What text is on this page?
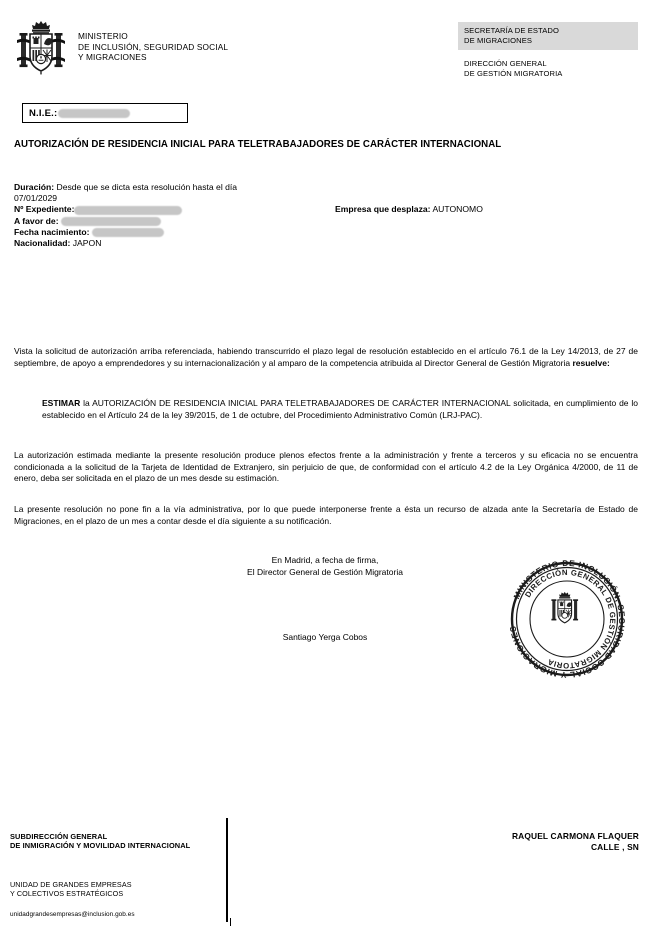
MINISTERIO
DE INCLUSIÓN, SEGURIDAD SOCIAL
Y MIGRACIONES
SECRETARÍA DE ESTADO
DE MIGRACIONES
DIRECCIÓN GENERAL
DE GESTIÓN MIGRATORIA
N.I.E.:
AUTORIZACIÓN DE RESIDENCIA INICIAL PARA TELETRABAJADORES DE CARÁCTER INTERNACIONAL
Duración: Desde que se dicta esta resolución hasta el día
07/01/2029
Nº Expediente:	Empresa que desplaza: AUTONOMO
A favor de:
Fecha nacimiento:
Nacionalidad: JAPON
Vista la solicitud de autorización arriba referenciada, habiendo transcurrido el plazo legal de resolución establecido en el artículo 76.1 de la Ley 14/2013, de 27 de septiembre, de apoyo a emprendedores y su internacionalización y al amparo de la competencia atribuida al Director General de Gestión Migratoria resuelve:
ESTIMAR la AUTORIZACIÓN DE RESIDENCIA INICIAL PARA TELETRABAJADORES DE CARÁCTER INTERNACIONAL solicitada, en cumplimiento de lo establecido en el Artículo 24 de la ley 39/2015, de 1 de octubre, del Procedimiento Administrativo Común (LRJ-PAC).
La autorización estimada mediante la presente resolución produce plenos efectos frente a la administración y frente a terceros y su eficacia no se encuentra condicionada a la solicitud de la Tarjeta de Identidad de Extranjero, sin perjuicio de que, de conformidad con el artículo 4.2 de la Ley Orgánica 4/2000, de 11 de enero, deba ser solicitada en el plazo de un mes desde su estimación.
La presente resolución no pone fin a la vía administrativa, por lo que puede interponerse frente a ésta un recurso de alzada ante la Secretaría de Estado de Migraciones, en el plazo de un mes a contar desde el día siguiente a su notificación.
En Madrid, a fecha de firma,
El Director General de Gestión Migratoria
Santiago Yerga Cobos
MINISTERIO DE INCLUSIÓN, SEGURIDAD SOCIAL Y MIGRACIONES ·
DIRECCIÓN GENERAL DE GESTIÓN MIGRATORIA
SUBDIRECCIÓN GENERAL
DE INMIGRACIÓN Y MOVILIDAD INTERNACIONAL
UNIDAD DE GRANDES EMPRESAS
Y COLECTIVOS ESTRATÉGICOS
unidadgrandesempresas@inclusion.gob.es
RAQUEL CARMONA FLAQUER
CALLE , SN
